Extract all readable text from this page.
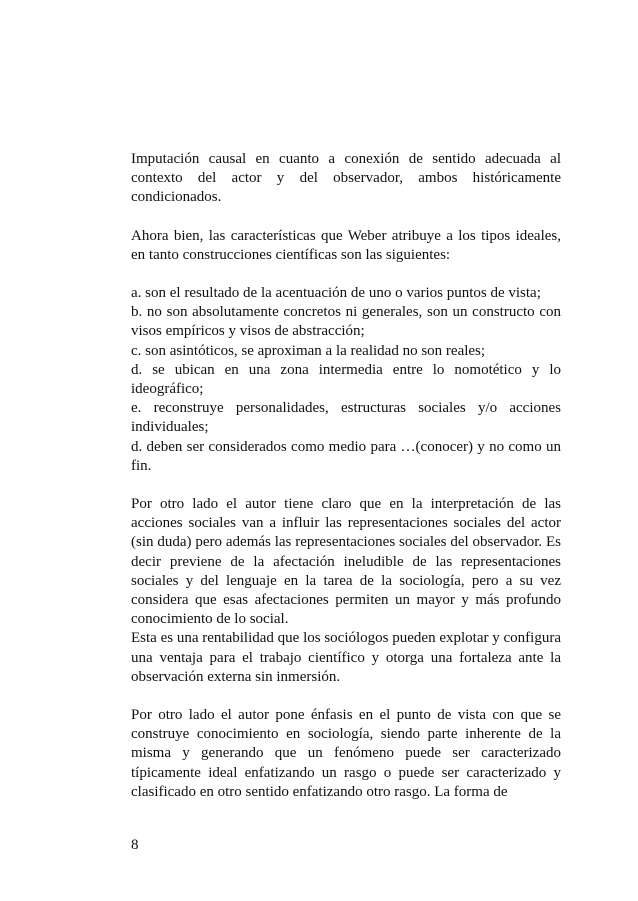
Imputación causal en cuanto a conexión de sentido adecuada al contexto del actor y del observador, ambos históricamente condicionados.

Ahora bien, las características que Weber atribuye a los tipos ideales, en tanto construcciones científicas son las siguientes:

a. son el resultado de la acentuación de uno o varios puntos de vista;

b. no son absolutamente concretos ni generales, son un constructo con visos empíricos y visos de abstracción;

c. son asintóticos, se aproximan a la realidad no son reales;

d. se ubican en una zona intermedia entre lo nomotético y lo ideográfico;

e. reconstruye personalidades, estructuras sociales y/o acciones individuales;

d. deben ser considerados como medio para …(conocer) y no como un fin.

Por otro lado el autor tiene claro que en la interpretación de las acciones sociales van a influir las representaciones sociales del actor (sin duda) pero además las representaciones sociales del observador. Es decir previene de la afectación ineludible de las representaciones sociales y del lenguaje en la tarea de la sociología, pero a su vez considera que esas afectaciones permiten un mayor y más profundo conocimiento de lo social.

Esta es una rentabilidad que los sociólogos pueden explotar y configura una ventaja para el trabajo científico y otorga una fortaleza ante la observación externa sin inmersión.

Por otro lado el autor pone énfasis en el punto de vista con que se construye conocimiento en sociología, siendo parte inherente de la misma y generando que un fenómeno puede ser caracterizado típicamente ideal enfatizando un rasgo o puede ser caracterizado y clasificado en otro sentido enfatizando otro rasgo. La forma de

8
